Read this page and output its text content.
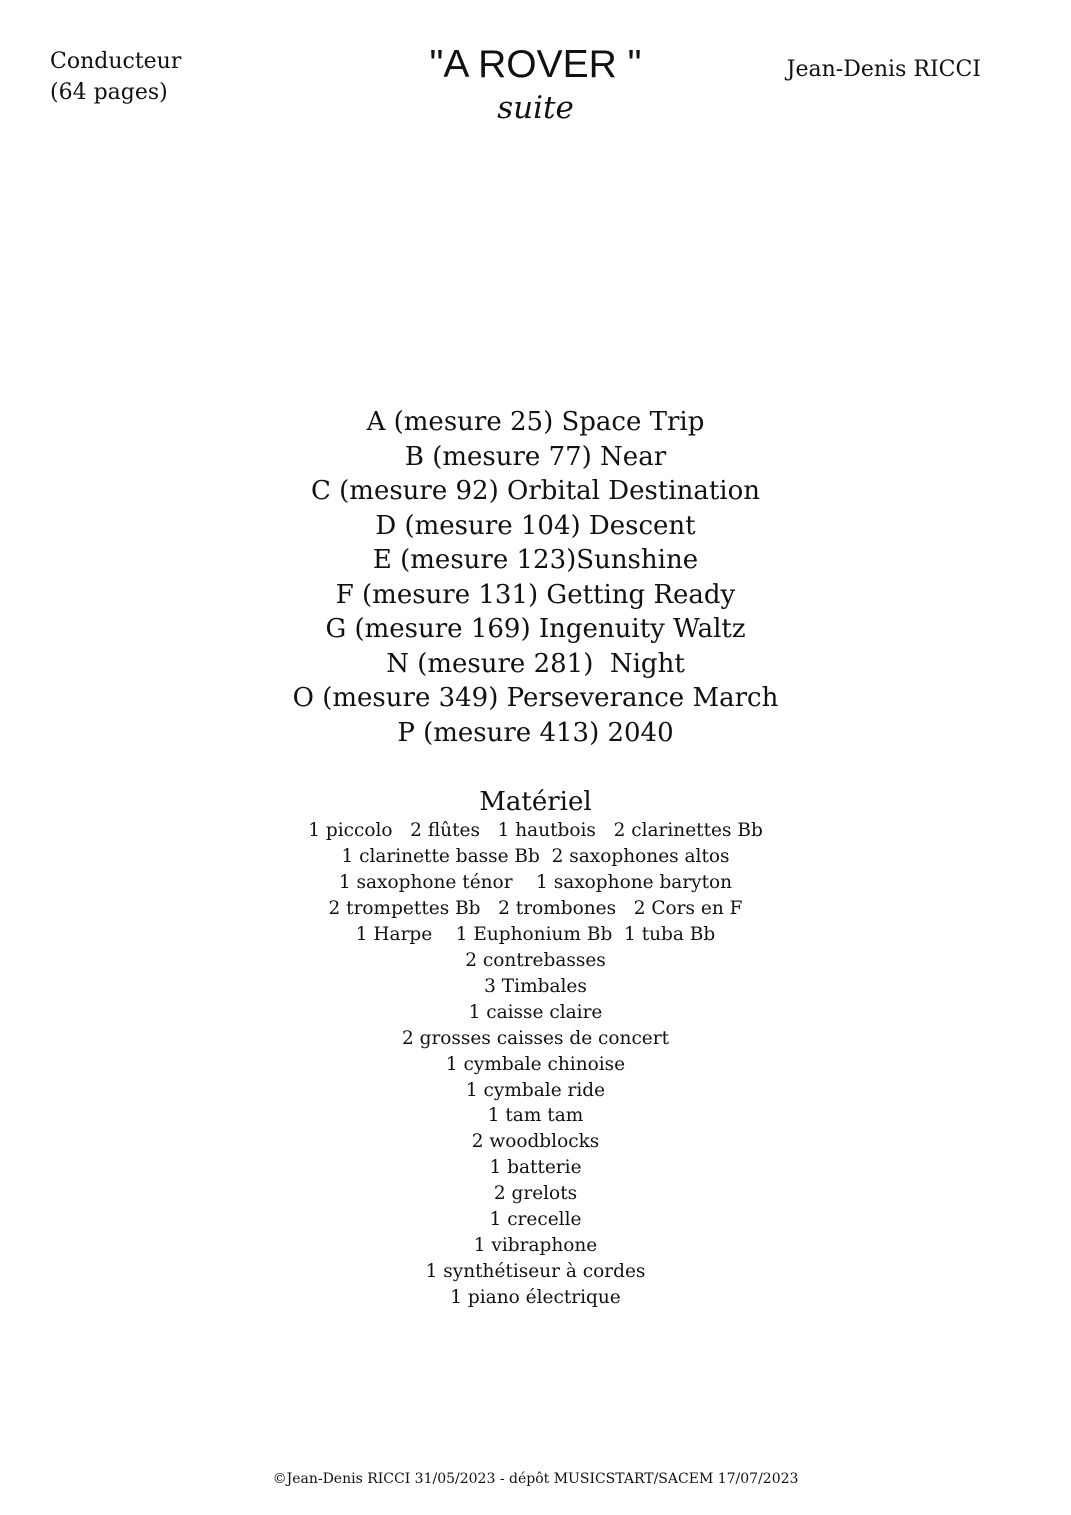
Conducteur
(64 pages)
"A ROVER "
suite
Jean-Denis RICCI
A (mesure 25) Space Trip
B (mesure 77) Near
C (mesure 92) Orbital Destination
D (mesure 104) Descent
E (mesure 123)Sunshine
F (mesure 131) Getting Ready
G (mesure 169) Ingenuity Waltz
N (mesure 281)  Night
O (mesure 349) Perseverance March
P (mesure 413) 2040
Matériel
1 piccolo   2 flûtes   1 hautbois   2 clarinettes Bb
1 clarinette basse Bb  2 saxophones altos
1 saxophone ténor    1 saxophone baryton
2 trompettes Bb   2 trombones   2 Cors en F
1 Harpe    1 Euphonium Bb  1 tuba Bb
2 contrebasses
3 Timbales
1 caisse claire
2 grosses caisses de concert
1 cymbale chinoise
1 cymbale ride
1 tam tam
2 woodblocks
1 batterie
2 grelots
1 crecelle
1 vibraphone
1 synthétiseur à cordes
1 piano électrique
©Jean-Denis RICCI 31/05/2023 - dépôt MUSICSTART/SACEM 17/07/2023
